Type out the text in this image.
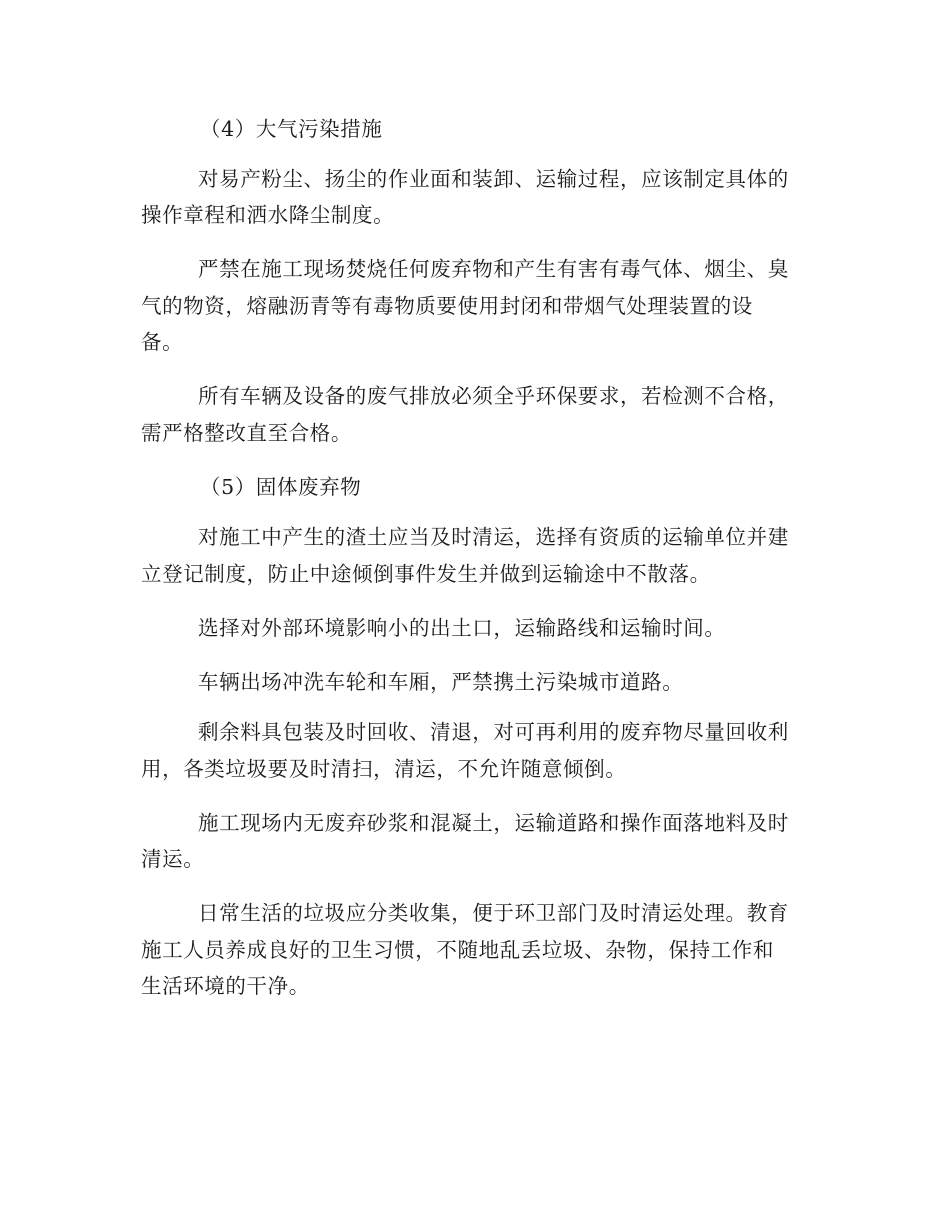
（4）大气污染措施
对易产粉尘、扬尘的作业面和装卸、运输过程，应该制定具体的
操作章程和洒水降尘制度。
严禁在施工现场焚烧任何废弃物和产生有害有毒气体、烟尘、臭
气的物资，熔融沥青等有毒物质要使用封闭和带烟气处理装置的设
备。
所有车辆及设备的废气排放必须全乎环保要求，若检测不合格，
需严格整改直至合格。
（5）固体废弃物
对施工中产生的渣土应当及时清运，选择有资质的运输单位并建
立登记制度，防止中途倾倒事件发生并做到运输途中不散落。
选择对外部环境影响小的出土口，运输路线和运输时间。
车辆出场冲洗车轮和车厢，严禁携土污染城市道路。
剩余料具包装及时回收、清退，对可再利用的废弃物尽量回收利
用，各类垃圾要及时清扫，清运，不允许随意倾倒。
施工现场内无废弃砂浆和混凝土，运输道路和操作面落地料及时
清运。
日常生活的垃圾应分类收集，便于环卫部门及时清运处理。教育
施工人员养成良好的卫生习惯，不随地乱丢垃圾、杂物，保持工作和
生活环境的干净。
